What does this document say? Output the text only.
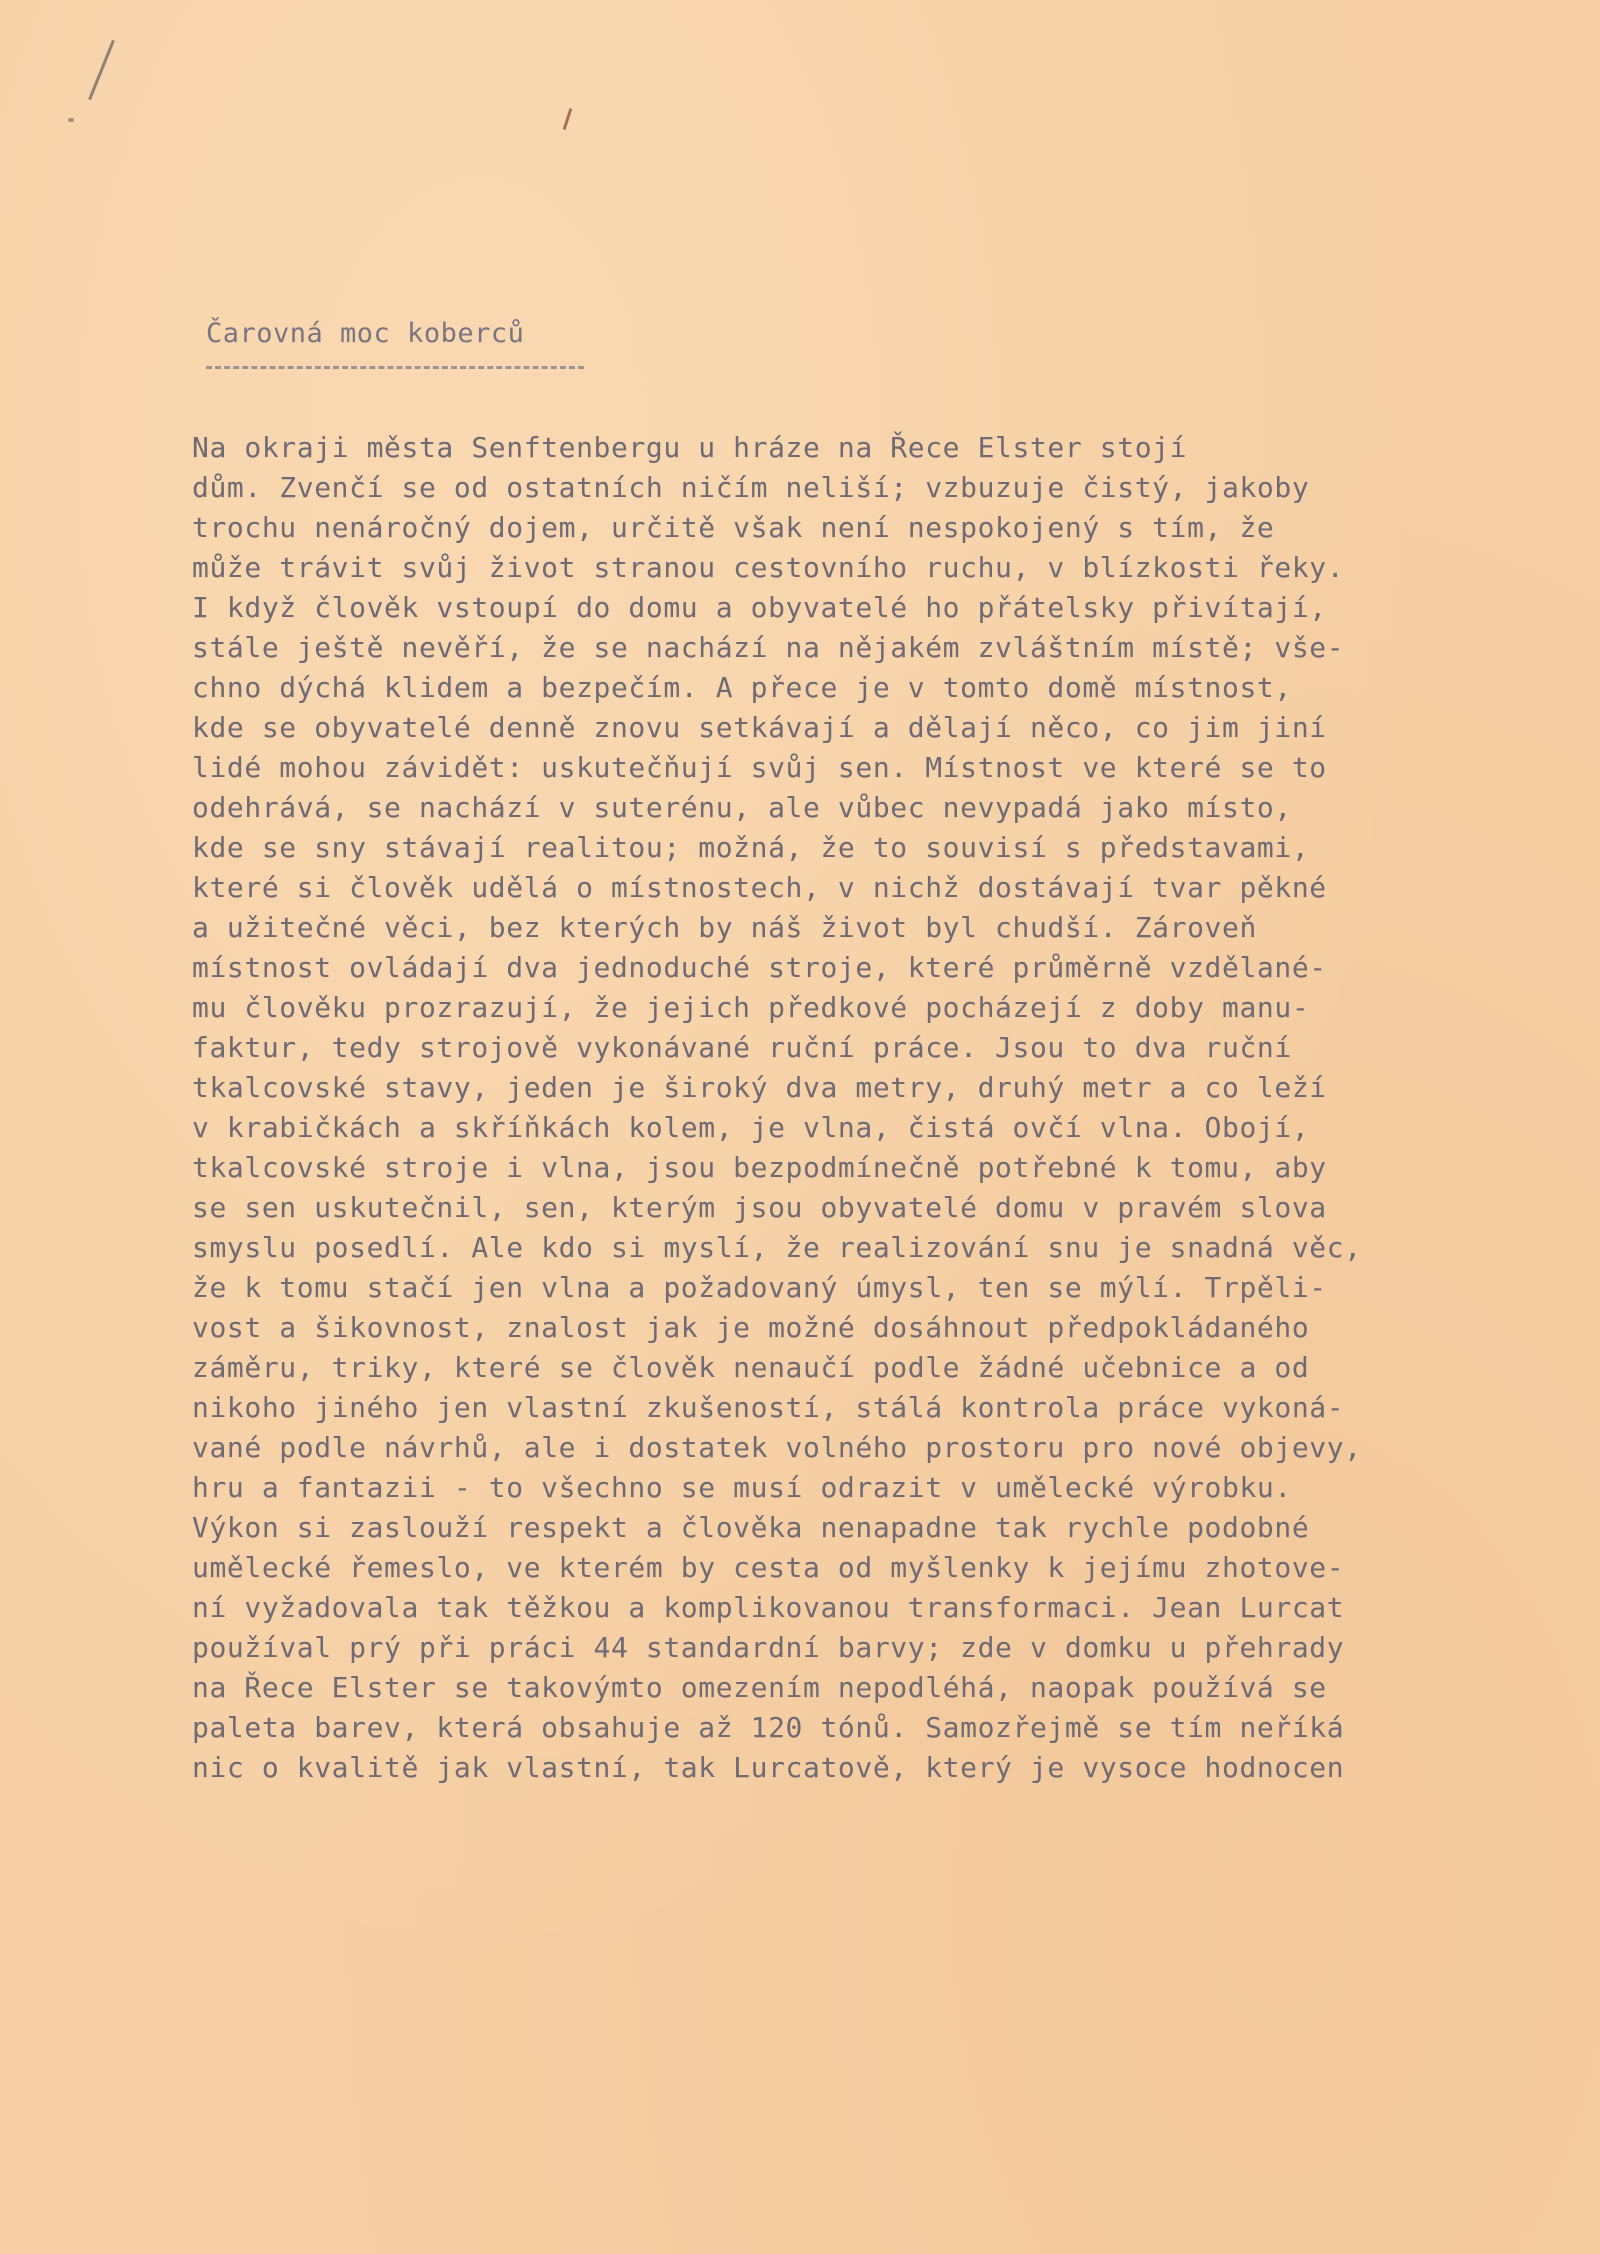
Čarovná moc koberců
Na okraji města Senftenbergu u hráze na Řece Elster stojí
dům. Zvenčí se od ostatních ničím neliší; vzbuzuje čistý, jakoby
trochu nenáročný dojem, určitě však není nespokojený s tím, že
může trávit svůj život stranou cestovního ruchu, v blízkosti řeky.
I když člověk vstoupí do domu a obyvatelé ho přátelsky přivítají,
stále ještě nevěří, že se nachází na nějakém zvláštním místě; vše-
chno dýchá klidem a bezpečím. A přece je v tomto domě místnost,
kde se obyvatelé denně znovu setkávají a dělají něco, co jim jiní
lidé mohou závidět: uskutečňují svůj sen. Místnost ve které se to
odehrává, se nachází v suterénu, ale vůbec nevypadá jako místo,
kde se sny stávají realitou; možná, že to souvisí s představami,
které si člověk udělá o místnostech, v nichž dostávají tvar pěkné
a užitečné věci, bez kterých by náš život byl chudší. Zároveň
místnost ovládají dva jednoduché stroje, které průměrně vzdělané-
mu člověku prozrazují, že jejich předkové pocházejí z doby manu-
faktur, tedy strojově vykonávané ruční práce. Jsou to dva ruční
tkalcovské stavy, jeden je široký dva metry, druhý metr a co leží
v krabičkách a skříňkách kolem, je vlna, čistá ovčí vlna. Obojí,
tkalcovské stroje i vlna, jsou bezpodmínečně potřebné k tomu, aby
se sen uskutečnil, sen, kterým jsou obyvatelé domu v pravém slova
smyslu posedlí. Ale kdo si myslí, že realizování snu je snadná věc,
že k tomu stačí jen vlna a požadovaný úmysl, ten se mýlí. Trpěli-
vost a šikovnost, znalost jak je možné dosáhnout předpokládaného
záměru, triky, které se člověk nenaučí podle žádné učebnice a od
nikoho jiného jen vlastní zkušeností, stálá kontrola práce vykoná-
vané podle návrhů, ale i dostatek volného prostoru pro nové objevy,
hru a fantazii - to všechno se musí odrazit v umělecké výrobku.
Výkon si zaslouží respekt a člověka nenapadne tak rychle podobné
umělecké řemeslo, ve kterém by cesta od myšlenky k jejímu zhotove-
ní vyžadovala tak těžkou a komplikovanou transformaci. Jean Lurcat
používal prý při práci 44 standardní barvy; zde v domku u přehrady
na Řece Elster se takovýmto omezením nepodléhá, naopak používá se
paleta barev, která obsahuje až 120 tónů. Samozřejmě se tím neříká
nic o kvalitě jak vlastní, tak Lurcatově, který je vysoce hodnocen
